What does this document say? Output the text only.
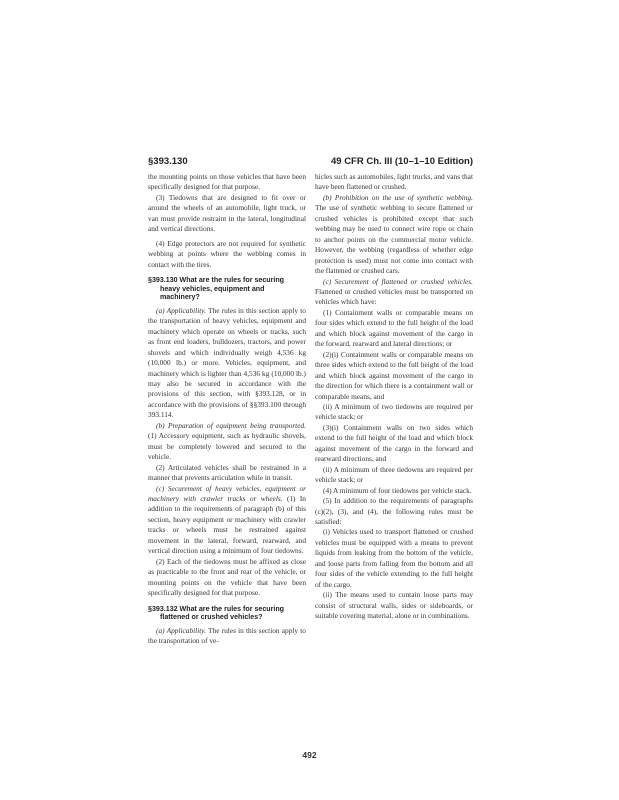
§393.130	49 CFR Ch. III (10–1–10 Edition)

the mounting points on those vehicles that have been specifically designed for that purpose.

(3) Tiedowns that are designed to fit over or around the wheels of an automobile, light truck, or van must provide restraint in the lateral, longitudinal and vertical directions.

(4) Edge protectors are not required for synthetic webbing at points where the webbing comes in contact with the tires.

§393.130 What are the rules for securing heavy vehicles, equipment and machinery?

(a) Applicability. The rules in this section apply to the transportation of heavy vehicles, equipment and machinery which operate on wheels or tracks, such as front end loaders, bulldozers, tractors, and power shovels and which individually weigh 4,536 kg (10,000 lb.) or more. Vehicles, equipment, and machinery which is lighter than 4,536 kg (10,000 lb.) may also be secured in accordance with the provisions of this section, with §393.128, or in accordance with the provisions of §§393.100 through 393.114.

(b) Preparation of equipment being transported. (1) Accessory equipment, such as hydraulic shovels, must be completely lowered and secured to the vehicle.

(2) Articulated vehicles shall be restrained in a manner that prevents articulation while in transit.

(c) Securement of heavy vehicles, equipment or machinery with crawler tracks or wheels. (1) In addition to the requirements of paragraph (b) of this section, heavy equipment or machinery with crawler tracks or wheels must be restrained against movement in the lateral, forward, rearward, and vertical direction using a minimum of four tiedowns.

(2) Each of the tiedowns must be affixed as close as practicable to the front and rear of the vehicle, or mounting points on the vehicle that have been specifically designed for that purpose.

§393.132 What are the rules for securing flattened or crushed vehicles?

(a) Applicability. The rules in this section apply to the transportation of ve-

hicles such as automobiles, light trucks, and vans that have been flattened or crushed.

(b) Prohibition on the use of synthetic webbing. The use of synthetic webbing to secure flattened or crushed vehicles is prohibited except that such webbing may be used to connect wire rope or chain to anchor points on the commercial motor vehicle. However, the webbing (regardless of whether edge protection is used) must not come into contact with the flattened or crushed cars.

(c) Securement of flattened or crushed vehicles. Flattened or crushed vehicles must be transported on vehicles which have:

(1) Containment walls or comparable means on four sides which extend to the full height of the load and which block against movement of the cargo in the forward, rearward and lateral directions; or

(2)(i) Containment walls or comparable means on three sides which extend to the full height of the load and which block against movement of the cargo in the direction for which there is a containment wall or comparable means, and

(ii) A minimum of two tiedowns are required per vehicle stack; or

(3)(i) Containment walls on two sides which extend to the full height of the load and which block against movement of the cargo in the forward and rearward directions, and

(ii) A minimum of three tiedowns are required per vehicle stack; or

(4) A minimum of four tiedowns per vehicle stack.

(5) In addition to the requirements of paragraphs (c)(2), (3), and (4), the following rules must be satisfied:

(i) Vehicles used to transport flattened or crushed vehicles must be equipped with a means to prevent liquids from leaking from the bottom of the vehicle, and loose parts from falling from the bottom and all four sides of the vehicle extending to the full height of the cargo.

(ii) The means used to contain loose parts may consist of structural walls, sides or sideboards, or suitable covering material, alone or in combinations.

492
